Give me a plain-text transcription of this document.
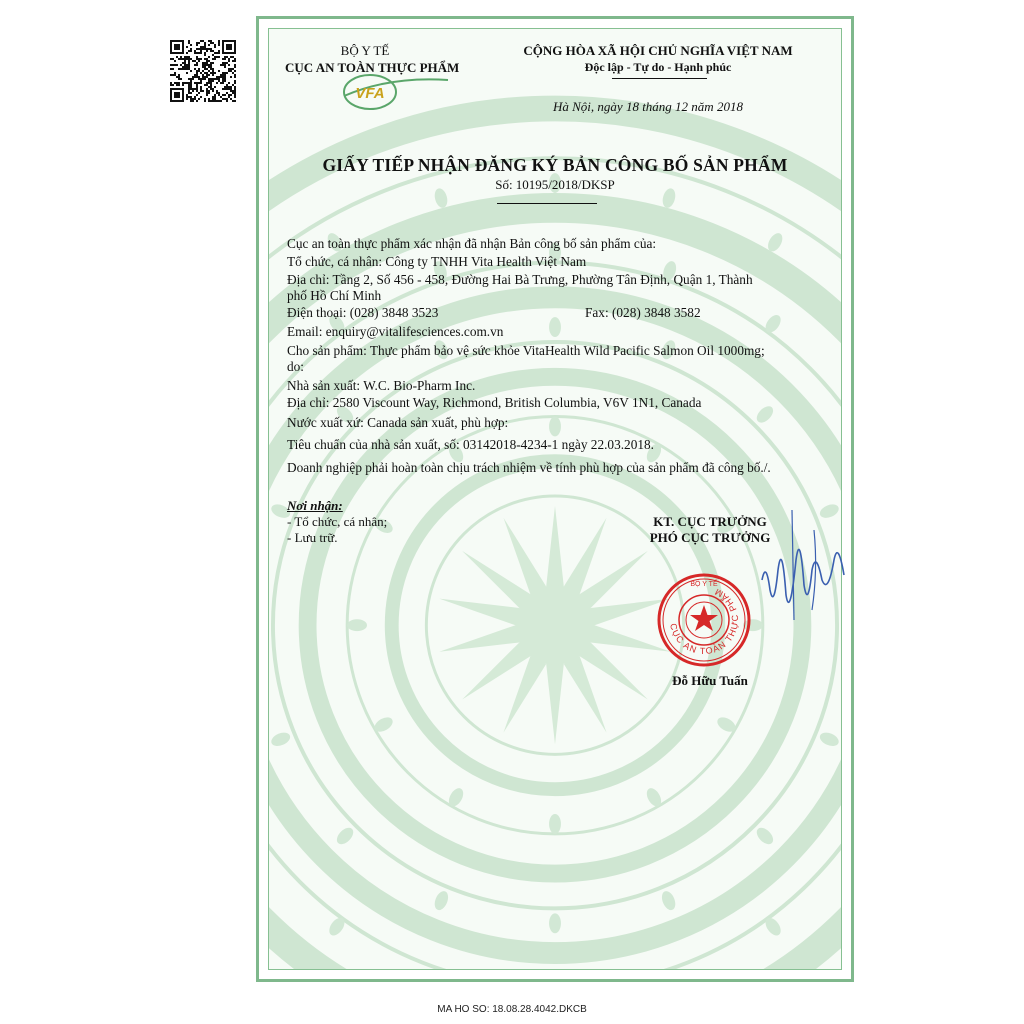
BỘ Y TẾ
CỤC AN TOÀN THỰC PHẨM
VFA
CỘNG HÒA XÃ HỘI CHỦ NGHĨA VIỆT NAM
Độc lập - Tự do - Hạnh phúc
Hà Nội, ngày 18 tháng 12 năm 2018
GIẤY TIẾP NHẬN ĐĂNG KÝ BẢN CÔNG BỐ SẢN PHẨM
Số: 10195/2018/DKSP
Cục an toàn thực phẩm xác nhận đã nhận Bản công bố sản phẩm của:
Tổ chức, cá nhân: Công ty TNHH Vita Health Việt Nam
Địa chỉ: Tầng 2, Số 456 - 458, Đường Hai Bà Trưng, Phường Tân Định, Quận 1, Thành
phố Hồ Chí Minh
Điện thoại: (028) 3848 3523	Fax: (028) 3848 3582
Email: enquiry@vitalifesciences.com.vn
Cho sản phẩm: Thực phẩm bảo vệ sức khỏe VitaHealth Wild Pacific Salmon Oil 1000mg;
do:
Nhà sản xuất: W.C. Bio-Pharm Inc.
Địa chỉ: 2580 Viscount Way, Richmond, British Columbia, V6V 1N1, Canada
Nước xuất xứ: Canada sản xuất, phù hợp:
Tiêu chuẩn của nhà sản xuất, số: 03142018-4234-1 ngày 22.03.2018.
Doanh nghiệp phải hoàn toàn chịu trách nhiệm về tính phù hợp của sản phẩm đã công bố./.
Nơi nhận:
- Tổ chức, cá nhân;
- Lưu trữ.
KT. CỤC TRƯỞNG
PHÓ CỤC TRƯỞNG
CỤC AN TOÀN THỰC PHẨM
BỘ Y TẾ
Đỗ Hữu Tuấn
MA HO SO: 18.08.28.4042.DKCB
